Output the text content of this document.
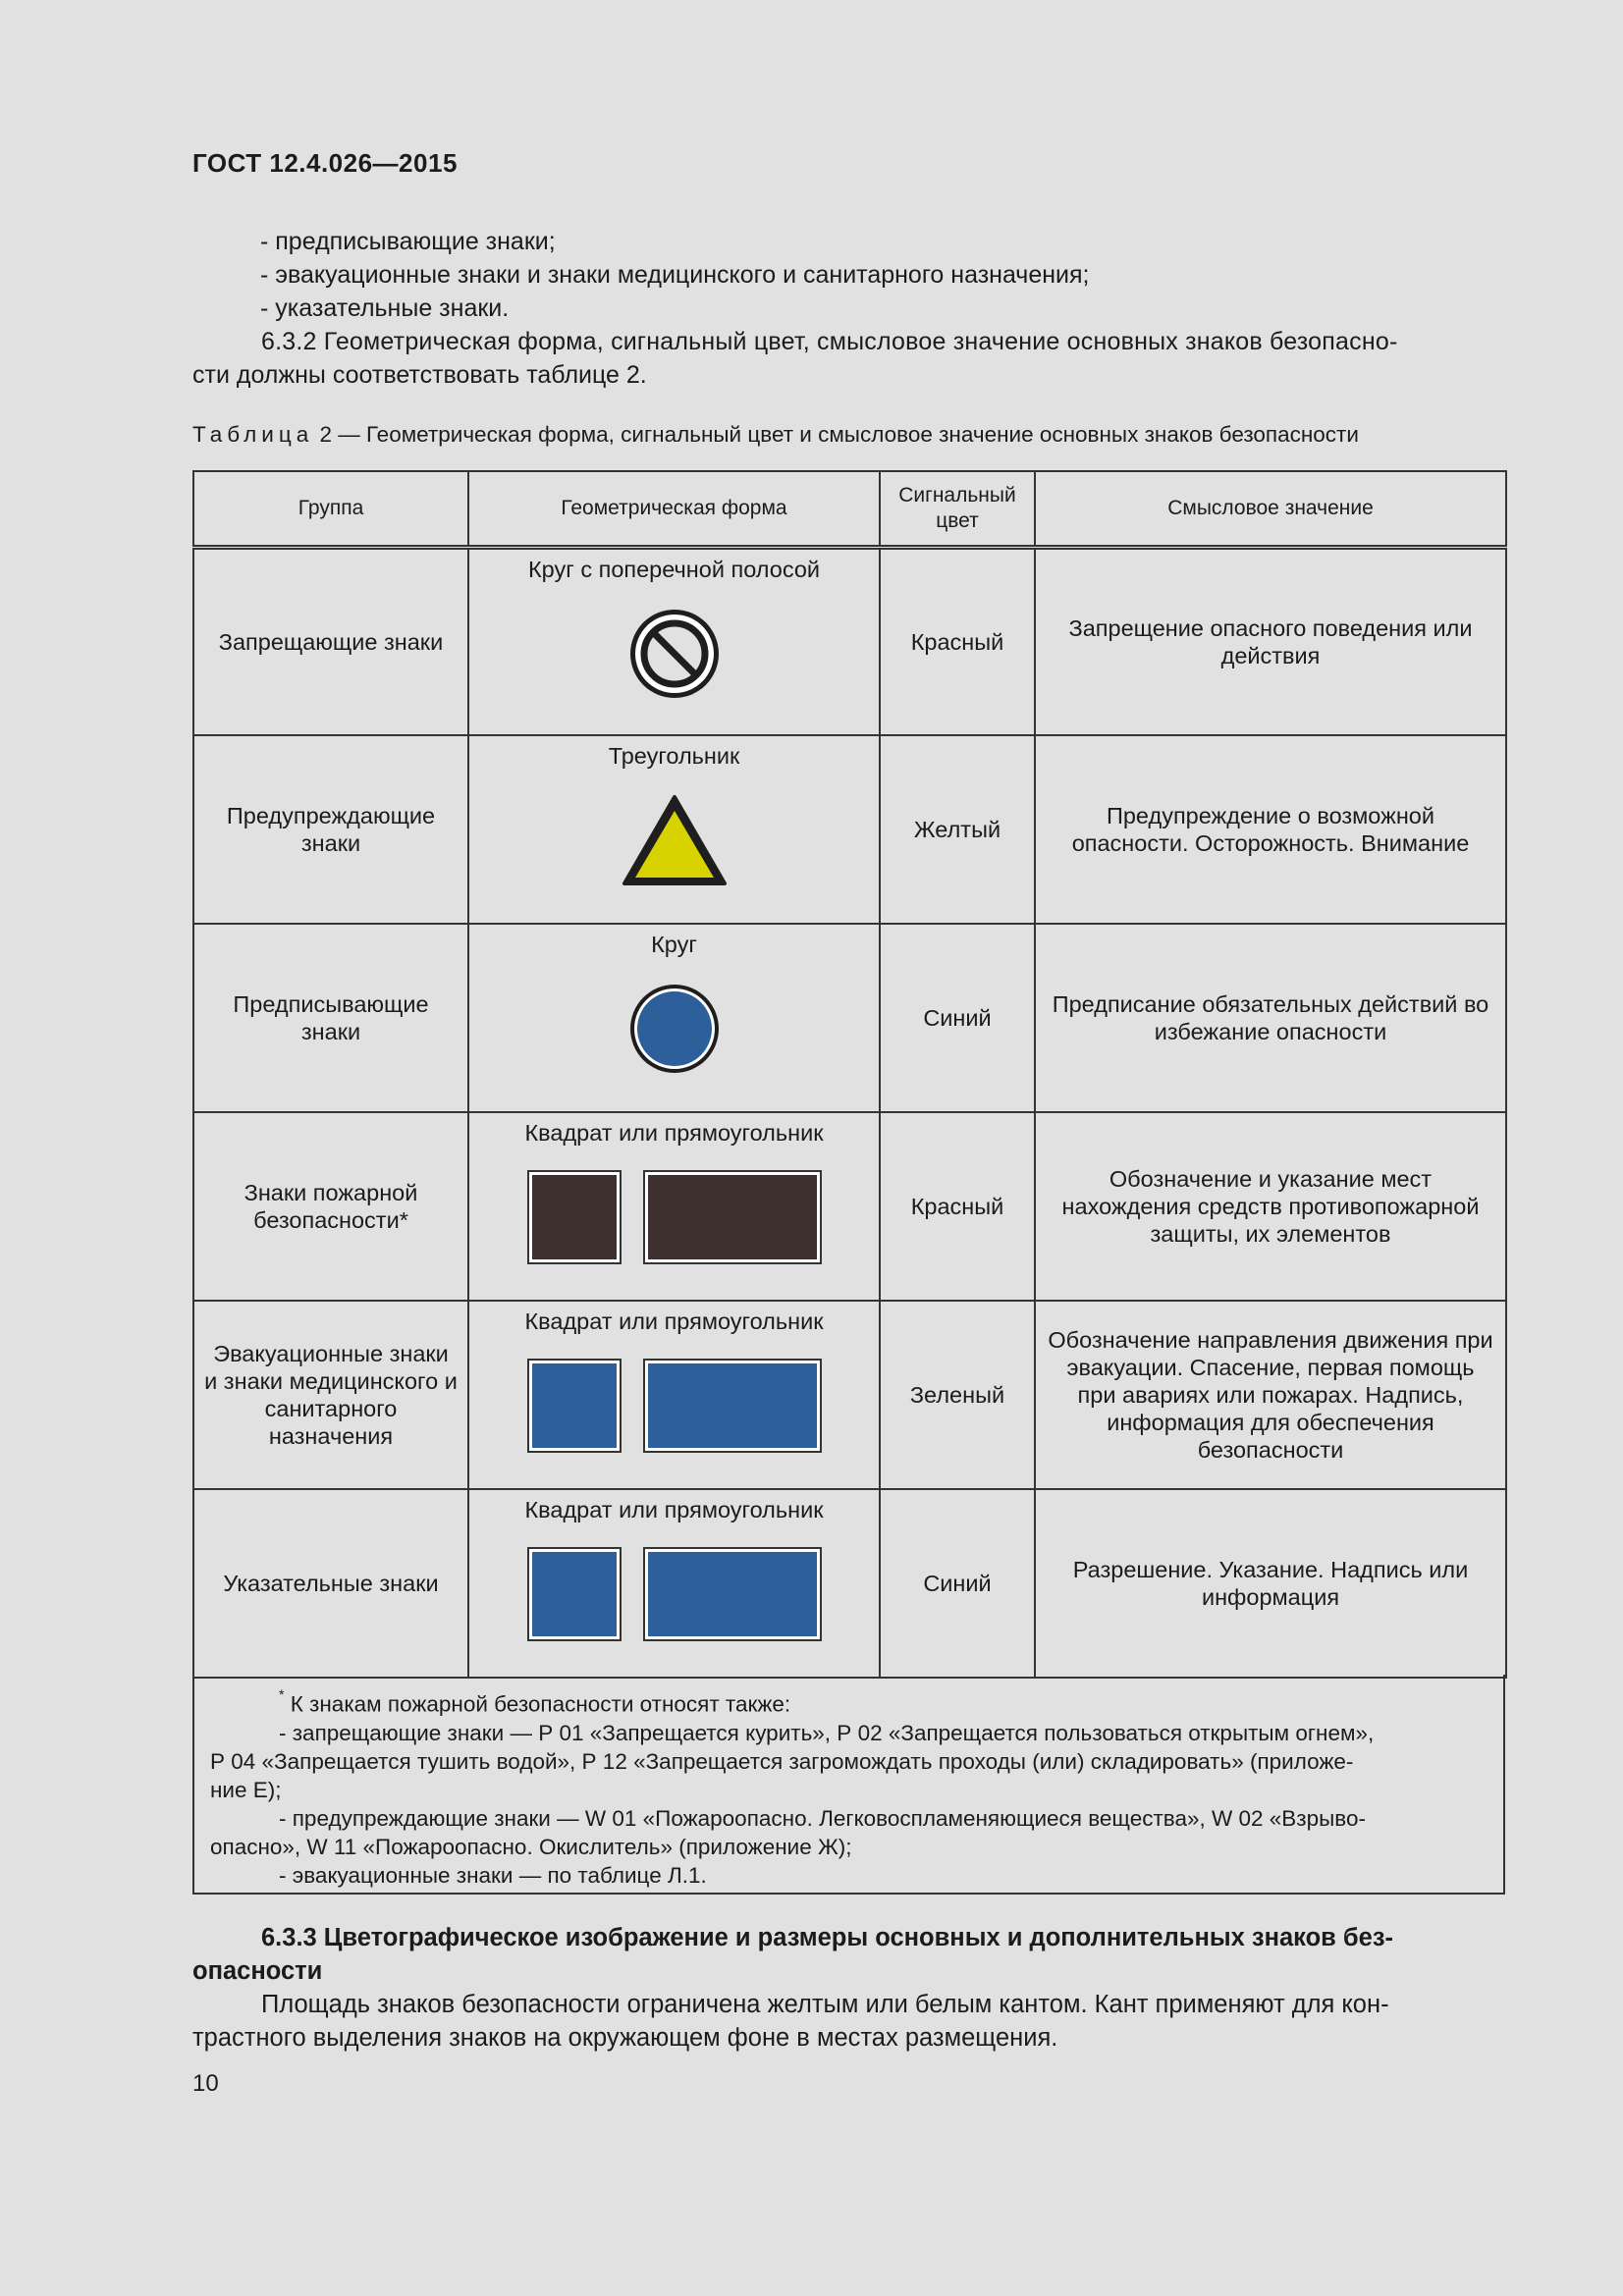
ГОСТ 12.4.026—2015
- предписывающие знаки;
- эвакуационные знаки и знаки медицинского и санитарного назначения;
- указательные знаки.
6.3.2 Геометрическая форма, сигнальный цвет, смысловое значение основных знаков безопасно-
сти должны соответствовать таблице 2.
Таблица 2 — Геометрическая форма, сигнальный цвет и смысловое значение основных знаков безопасности
Группа	Геометрическая форма	Сигнальный цвет	Смысловое значение
Запрещающие знаки	Круг с поперечной полосой	Красный	Запрещение опасного поведения или действия
Предупреждающие знаки	Треугольник	Желтый	Предупреждение о возможной опасности. Осторожность. Внимание
Предписывающие знаки	Круг	Синий	Предписание обязательных действий во избежание опасности
Знаки пожарной безопасности*	Квадрат или прямоугольник	Красный	Обозначение и указание мест нахождения средств противопожарной защиты, их элементов
Эвакуационные знаки и знаки медицинского и санитарного назначения	Квадрат или прямоугольник	Зеленый	Обозначение направления движения при эвакуации. Спасение, первая помощь при авариях или пожарах. Надпись, информация для обеспечения безопасности
Указательные знаки	Квадрат или прямоугольник	Синий	Разрешение. Указание. Надпись или информация
* К знакам пожарной безопасности относят также:
- запрещающие знаки — Р 01 «Запрещается курить», Р 02 «Запрещается пользоваться открытым огнем»,
Р 04 «Запрещается тушить водой», Р 12 «Запрещается загромождать проходы (или) складировать» (приложе-
ние Е);
- предупреждающие знаки — W 01 «Пожароопасно. Легковоспламеняющиеся вещества», W 02 «Взрыво-
опасно», W 11 «Пожароопасно. Окислитель» (приложение Ж);
- эвакуационные знаки — по таблице Л.1.
6.3.3 Цветографическое изображение и размеры основных и дополнительных знаков без-
опасности
Площадь знаков безопасности ограничена желтым или белым кантом. Кант применяют для кон-
трастного выделения знаков на окружающем фоне в местах размещения.
10
